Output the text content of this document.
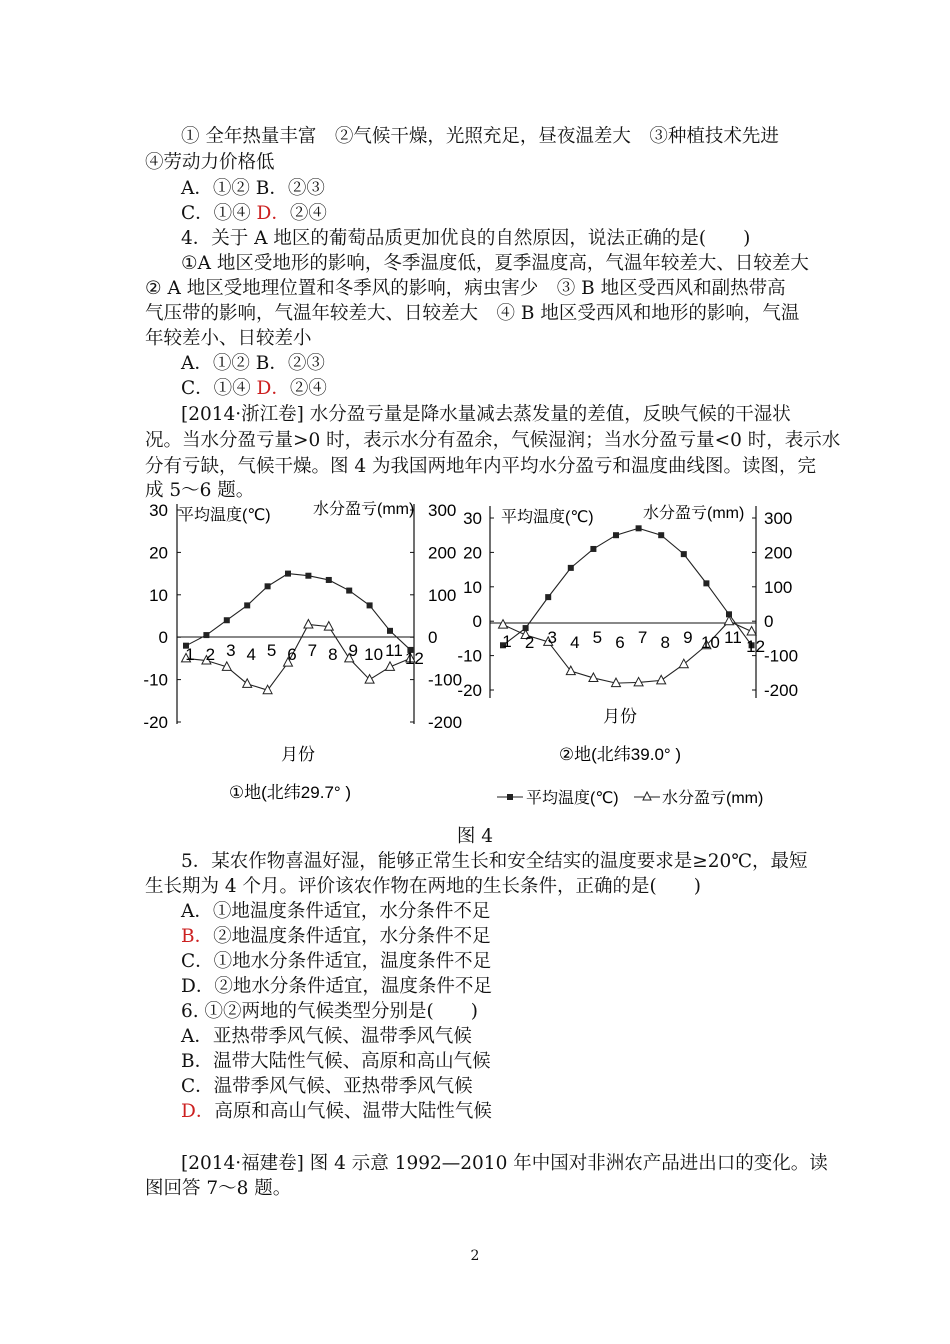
① 全年热量丰富　②气候干燥，光照充足，昼夜温差大　③种植技术先进
④劳动力价格低
A．①② B．②③
C．①④ D．②④
4．关于 A 地区的葡萄品质更加优良的自然原因，说法正确的是(　　)
①A 地区受地形的影响，冬季温度低，夏季温度高，气温年较差大、日较差大
② A 地区受地理位置和冬季风的影响，病虫害少　③ B 地区受西风和副热带高
气压带的影响，气温年较差大、日较差大　④ B 地区受西风和地形的影响，气温
年较差小、日较差小
A．①② B．②③
C．①④ D．②④
[2014·浙江卷] 水分盈亏量是降水量减去蒸发量的差值，反映气候的干湿状
况。当水分盈亏量>0 时，表示水分有盈余，气候湿润；当水分盈亏量<0 时，表示水
分有亏缺，气候干燥。图 4 为我国两地年内平均水分盈亏和温度曲线图。读图，完
成 5～6 题。
30
20
10
0
-10
-20
300
200
100
0
-100
-200
平均温度(℃)	水分盈亏(mm)
1 2 3 4 5 6 7 8 9 10 11 12
月份
①地(北纬29.7° )
30
20
10
0
-10
-20
300
200
100
0
-100
-200
平均温度(℃)	水分盈亏(mm)
1 2 3 4 5 6 7 8 9 10 11 12
月份
②地(北纬39.0° )
平均温度(℃)	水分盈亏(mm)
图 4
5．某农作物喜温好湿，能够正常生长和安全结实的温度要求是≥20℃，最短
生长期为 4 个月。评价该农作物在两地的生长条件，正确的是(　　)
A．①地温度条件适宜，水分条件不足
B．②地温度条件适宜，水分条件不足
C．①地水分条件适宜，温度条件不足
D．②地水分条件适宜，温度条件不足
6. ①②两地的气候类型分别是(　　)
A．亚热带季风气候、温带季风气候
B．温带大陆性气候、高原和高山气候
C．温带季风气候、亚热带季风气候
D．高原和高山气候、温带大陆性气候
[2014·福建卷] 图 4 示意 1992—2010 年中国对非洲农产品进出口的变化。读
图回答 7～8 题。
2
